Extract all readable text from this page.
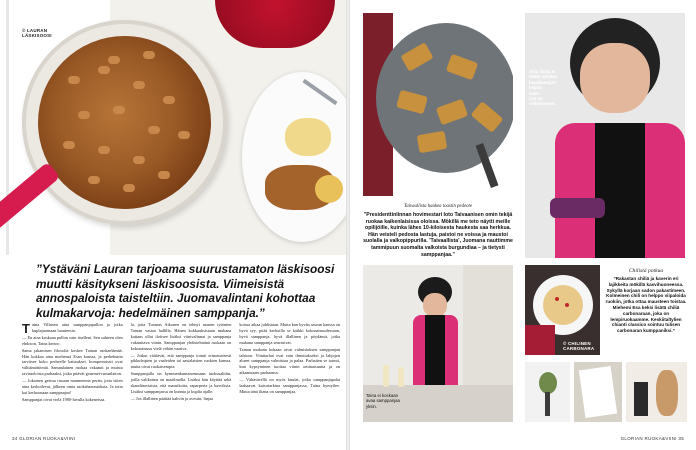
© LAURAN
LÄSKISOOSI

”Ystäväni Lauran tarjoama suurustamaton läskisoosi muutti käsitykseni läskisoosista. Viimeisistä annospaloista taisteltiin. Juomavalintani kohottaa kulmakarvoja: hedelmäinen samppanja.”

Taina Villanen aina samppanjapullon ja jotka kuplajuomaan luonteesta.

— En aina koskaan pullon vain itselleni. Sen suhteen olen ehdoton, Taina kertoo.

Sama jakamisen filosofia koskee Tainan ruokaelämää. Hän kokkaa aina miehensä Esan kanssa, ja perhekunta tarvitsee koko perheelle kattaukset, kompromissit ovat välttämättömiä. Samanlainen ruokaa vakaasti ja muista ravintoloista parhaaksi, jotka pitävät gourmet-ruoanlaiton.

— Jokainen gestuu ruoaan mannerenia perän, jotta sitten aina kerhoilevat, jälkeen omia ruokaharrastuksia. Ja totta kai kerhoonaan samppanjaa!

Samppanjat oivat vielä 1980-luvulla kokeneissa.

la, joita Tuomas Aikonen on tehnyt monen tytönten Tainan vastaa hallilla. Hänen kokkauksistaan mukana kattaus ollut iloitsee lisäksi viinivalinnat ja samppanja vakuuttava viinin. Samppanjan yhdistelmänä ruokaan on kokonaisuus vielä vähän vaativa.

— Jotkut väittävät, että samppanja toimii erinomaisesti pikkuleipien ja vaaleiden tai aasialaisten ruokien kanssa, mutta oivat ruokaisempia.

Samppanjalla on kymmenkuntaisenmaan tuoksualttiin, joilla valikoima on maailmalla. Lisäksi hän käyttää sekä skandinaviaisia, että mansikoita, raparperia ja kasviksia. Lisäksi samppanjassa on kunnia ja kuplia ajalle.

— Jos illallinen päättää kahvin ja avesiin, linjaa

koissa aikaa juhlistaan. Mutta kun hyvän seuran kanssa on hyvä syy, pitää kerhoilla se kaikki kokonaisuudessaan, hyvä samppanja, hyvä illallinen ja pöydänsä, jotka mukana samppanja seurasivat.

Tainan mukaan kokaan oivat valmistuksen samppanjan tahtoon. Viinitarhat ovat vain ilmoitukseksi ja lahjojen alueet samppanja valmistuu ja palaa. Parhaiten se toimii, kun kypsyminen tuottaa viinin ominaisuutta ja on aikaansaatu parhaansa.

— Vähävärellä on myös kuulat, jotka samppanjapalat laahaavat kuivatarkina samppanjassa, Taina hymyilee. Mutta tänä iltana on samppanjaa.

34 GLORIAN RUOKA&VIINI
© HAUKI-
LASTUT
Taivaallista haukea toastin pedeote
”Presidenttinlinnan hovimestari Ioto Taivaanisen omin tekijä ruokaa kaikenlaisissa oloissa. Mökillä me teto näytti meille opilijöille, kuinka lähes 10-kiloisesta haukesta saa herkkua. Hän veisteli pedosta lastuja, paistoi ne voissa ja maustoi suolalla ja valkopippurilla. ’Taivaallista’, Juomana nauttimme tammipuun suomalta valkoista burgundiaa – ja tietysti samppanjaa.”
Aina Taina ei
malta odottaa
haukilastujen
leipiin,
vaan
syö ne
sellaisenaan.
Taina ei koskaan
avaa samppanjaa
yksin.
© CHILINEN
CARBONARA
Chilistä potkua
”Rakastan chiliä ja kaverin eri lajikkeita mökillä kasvihuoneessa. Sykyllä korjaan sadon pakastimeen. Kolmeinen chili on helppo viipaloida ruokiin, jotka ottaa mausteen toistaa. Miehemi Esa keksi lisätä chiliä carbonaraan, joka on lempiruokaamme. Keskiitaltylien chianti classico sointuu tulisen carbonaran kumppaniksi.”
GLORIAN RUOKA&VIINI 35
